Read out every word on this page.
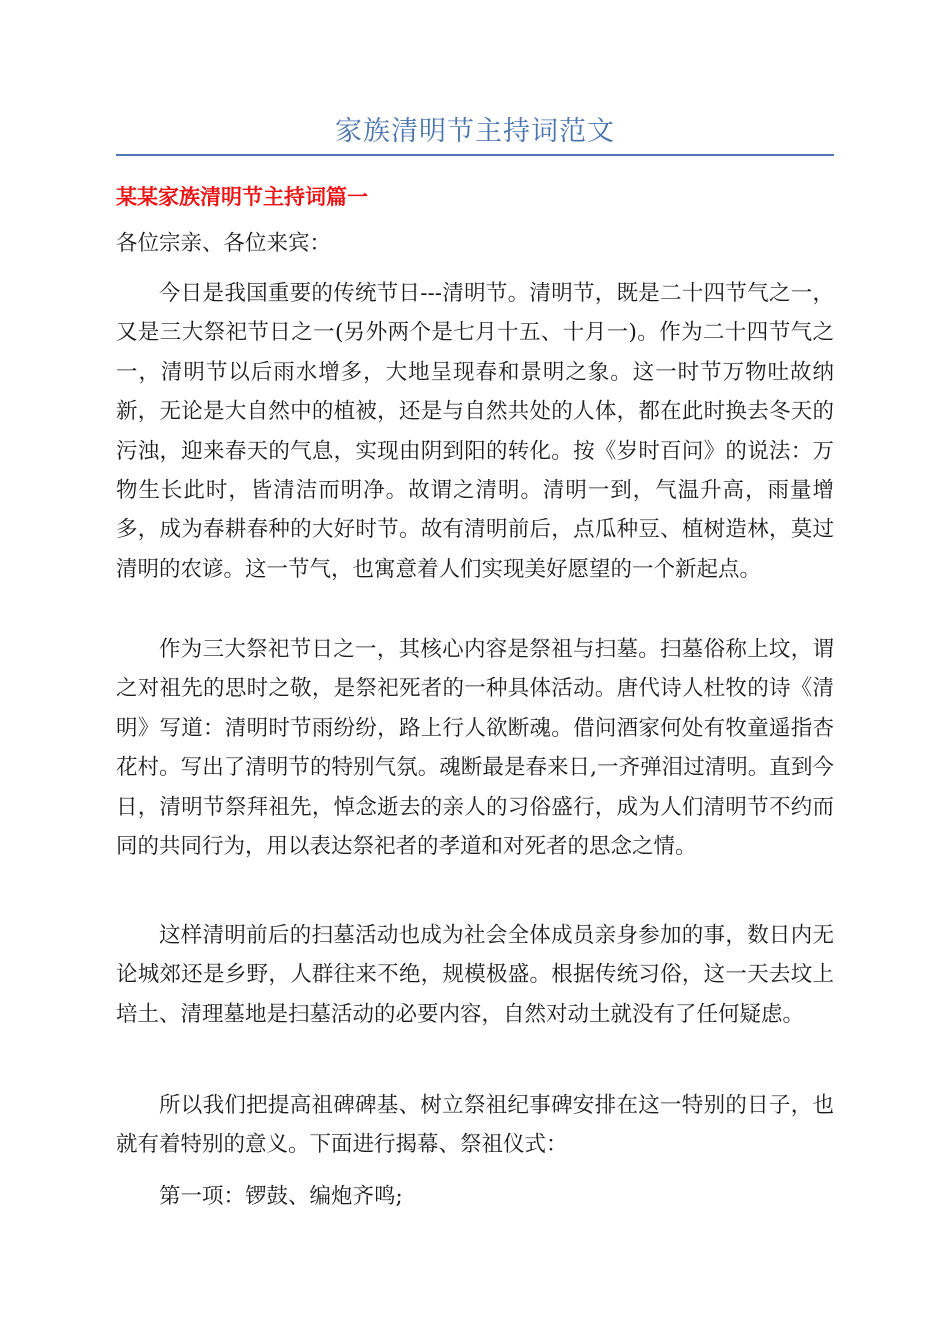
家族清明节主持词范文
某某家族清明节主持词篇一

各位宗亲、各位来宾：

今日是我国重要的传统节日---清明节。清明节，既是二十四节气之一，又是三大祭祀节日之一(另外两个是七月十五、十月一)。作为二十四节气之一，清明节以后雨水增多，大地呈现春和景明之象。这一时节万物吐故纳新，无论是大自然中的植被，还是与自然共处的人体，都在此时换去冬天的污浊，迎来春天的气息，实现由阴到阳的转化。按《岁时百问》的说法：万物生长此时，皆清洁而明净。故谓之清明。清明一到，气温升高，雨量增多，成为春耕春种的大好时节。故有清明前后，点瓜种豆、植树造林，莫过清明的农谚。这一节气，也寓意着人们实现美好愿望的一个新起点。

作为三大祭祀节日之一，其核心内容是祭祖与扫墓。扫墓俗称上坟，谓之对祖先的思时之敬，是祭祀死者的一种具体活动。唐代诗人杜牧的诗《清明》写道：清明时节雨纷纷，路上行人欲断魂。借问酒家何处有牧童遥指杏花村。写出了清明节的特别气氛。魂断最是春来日,一齐弹泪过清明。直到今日，清明节祭拜祖先，悼念逝去的亲人的习俗盛行，成为人们清明节不约而同的共同行为，用以表达祭祀者的孝道和对死者的思念之情。

这样清明前后的扫墓活动也成为社会全体成员亲身参加的事，数日内无论城郊还是乡野，人群往来不绝，规模极盛。根据传统习俗，这一天去坟上培土、清理墓地是扫墓活动的必要内容，自然对动土就没有了任何疑虑。

所以我们把提高祖碑碑基、树立祭祖纪事碑安排在这一特别的日子，也就有着特别的意义。下面进行揭幕、祭祖仪式：

第一项：锣鼓、编炮齐鸣;
